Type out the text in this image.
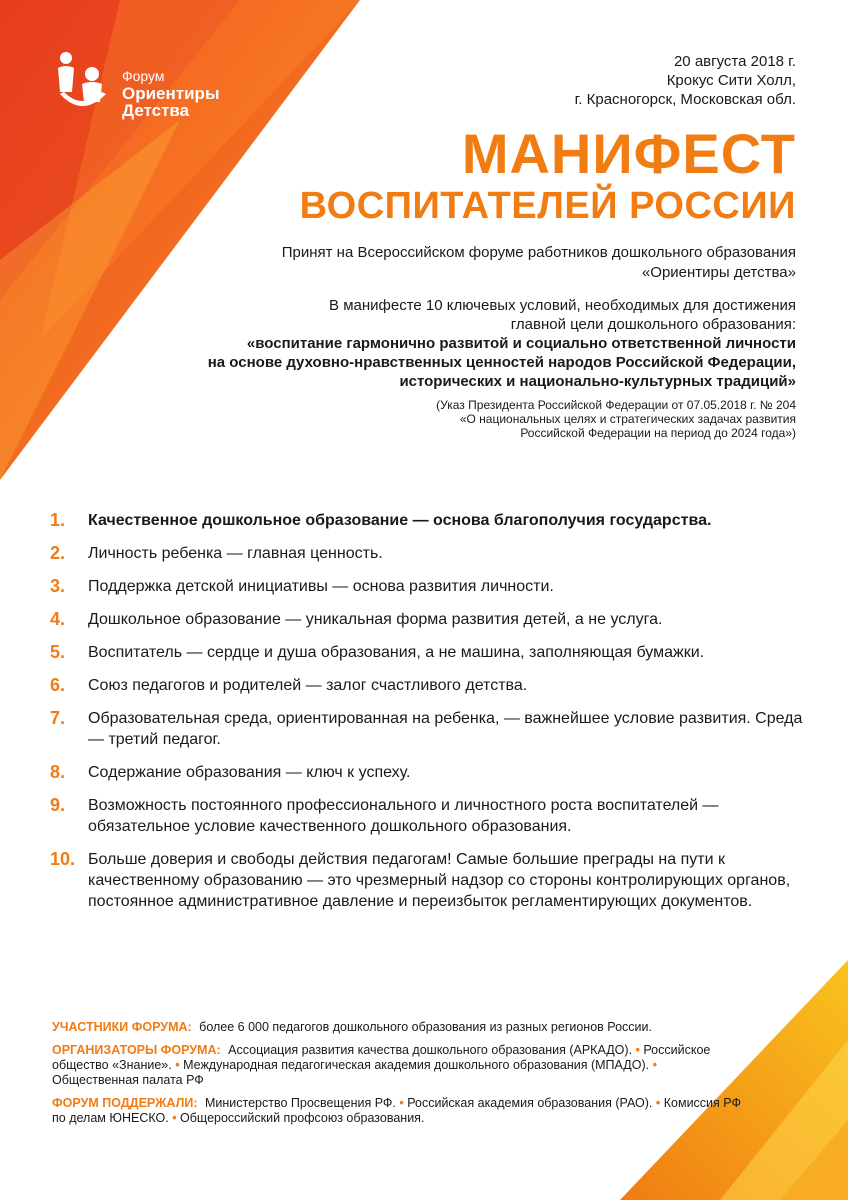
Форум
Ориентиры
Детства
20 августа 2018 г.
Крокус Сити Холл,
г. Красногорск, Московская обл.
МАНИФЕСТ
ВОСПИТАТЕЛЕЙ РОССИИ
Принят на Всероссийском форуме работников дошкольного образования
«Ориентиры детства»
В манифесте 10 ключевых условий, необходимых для достижения
главной цели дошкольного образования:
«воспитание гармонично развитой и социально ответственной личности
на основе духовно-нравственных ценностей народов Российской Федерации,
исторических и национально-культурных традиций»
(Указ Президента Российской Федерации от 07.05.2018 г. № 204
«О национальных целях и стратегических задачах развития
Российской Федерации на период до 2024 года»)
1.	Качественное дошкольное образование — основа благополучия государства.
2.	Личность ребенка — главная ценность.
3.	Поддержка детской инициативы — основа развития личности.
4.	Дошкольное образование — уникальная форма развития детей, а не услуга.
5.	Воспитатель — сердце и душа образования, а не машина, заполняющая бумажки.
6.	Союз педагогов и родителей — залог счастливого детства.
7.	Образовательная среда, ориентированная на ребенка, — важнейшее условие развития. Среда — третий педагог.
8.	Содержание образования — ключ к успеху.
9.	Возможность постоянного профессионального и личностного роста воспитателей — обязательное условие качественного дошкольного образования.
10. Больше доверия и свободы действия педагогам! Самые большие преграды на пути к качественному образованию — это чрезмерный надзор со стороны контролирующих органов, постоянное административное давление и переизбыток регламентирующих документов.
УЧАСТНИКИ ФОРУМА: более 6 000 педагогов дошкольного образования из разных регионов России.
ОРГАНИЗАТОРЫ ФОРУМА: Ассоциация развития качества дошкольного образования (АРКАДО). • Российское общество «Знание». • Международная педагогическая академия дошкольного образования (МПАДО). • Общественная палата РФ
ФОРУМ ПОДДЕРЖАЛИ: Министерство Просвещения РФ. • Российская академия образования (РАО). • Комиссия РФ по делам ЮНЕСКО. • Общероссийский профсоюз образования.
